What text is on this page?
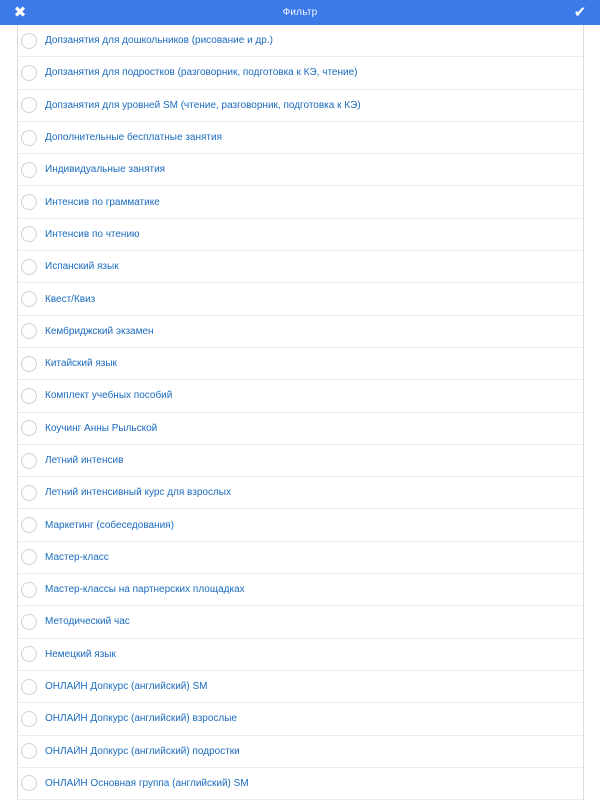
✖	Фильтр	✔
Допзанятия для дошкольников (рисование и др.)
Допзанятия для подростков (разговорник, подготовка к КЭ, чтение)
Допзанятия для уровней SM (чтение, разговорник, подготовка к КЭ)
Дополнительные бесплатные занятия
Индивидуальные занятия
Интенсив по грамматике
Интенсив по чтению
Испанский язык
Квест/Квиз
Кембриджский экзамен
Китайский язык
Комплект учебных пособий
Коучинг Анны Рыльской
Летний интенсив
Летний интенсивный курс для взрослых
Маркетинг (собеседования)
Мастер-класс
Мастер-классы на партнерских площадках
Методический час
Немецкий язык
ОНЛАЙН Допкурс (английский) SM
ОНЛАЙН Допкурс (английский) взрослые
ОНЛАЙН Допкурс (английский) подростки
ОНЛАЙН Основная группа (английский) SM
